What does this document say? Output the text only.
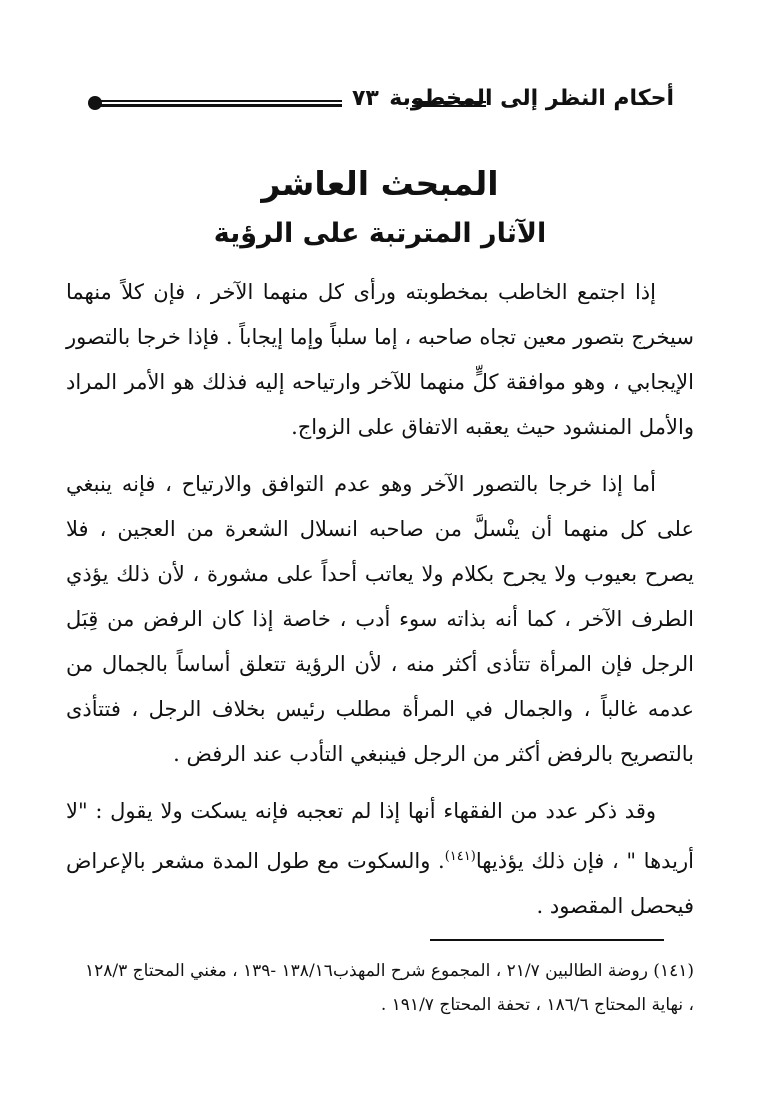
أحكام النظر إلى المخطوبة
٧٣
المبحث العاشر
الآثار المترتبة على الرؤية

إذا اجتمع الخاطب بمخطوبته ورأى كل منهما الآخر ، فإن كلاً منهما سيخرج بتصور معين تجاه صاحبه ، إما سلباً وإما إيجاباً . فإذا خرجا بالتصور الإيجابي ، وهو موافقة كلٍّ منهما للآخر وارتياحه إليه فذلك هو الأمر المراد والأمل المنشود حيث يعقبه الاتفاق على الزواج.

أما إذا خرجا بالتصور الآخر وهو عدم التوافق والارتياح ، فإنه ينبغي على كل منهما أن ينْسلَّ من صاحبه انسلال الشعرة من العجين ، فلا يصرح بعيوب ولا يجرح بكلام ولا يعاتب أحداً على مشورة ، لأن ذلك يؤذي الطرف الآخر ، كما أنه بذاته سوء أدب ، خاصة إذا كان الرفض من قِبَل الرجل فإن المرأة تتأذى أكثر منه ، لأن الرؤية تتعلق أساساً بالجمال من عدمه غالباً ، والجمال في المرأة مطلب رئيس بخلاف الرجل ، فتتأذى بالتصريح بالرفض أكثر من الرجل فينبغي التأدب عند الرفض .

وقد ذكر عدد من الفقهاء أنها إذا لم تعجبه فإنه يسكت ولا يقول : "لا أريدها " ، فإن ذلك يؤذيها$^{(١٤١)}$. والسكوت مع طول المدة مشعر بالإعراض فيحصل المقصود .

(١٤١) روضة الطالبين ٢١/٧ ، المجموع شرح المهذب١٣٨/١٦ -١٣٩ ، مغني المحتاج ١٢٨/٣

، نهاية المحتاج ١٨٦/٦ ، تحفة المحتاج ١٩١/٧ .
